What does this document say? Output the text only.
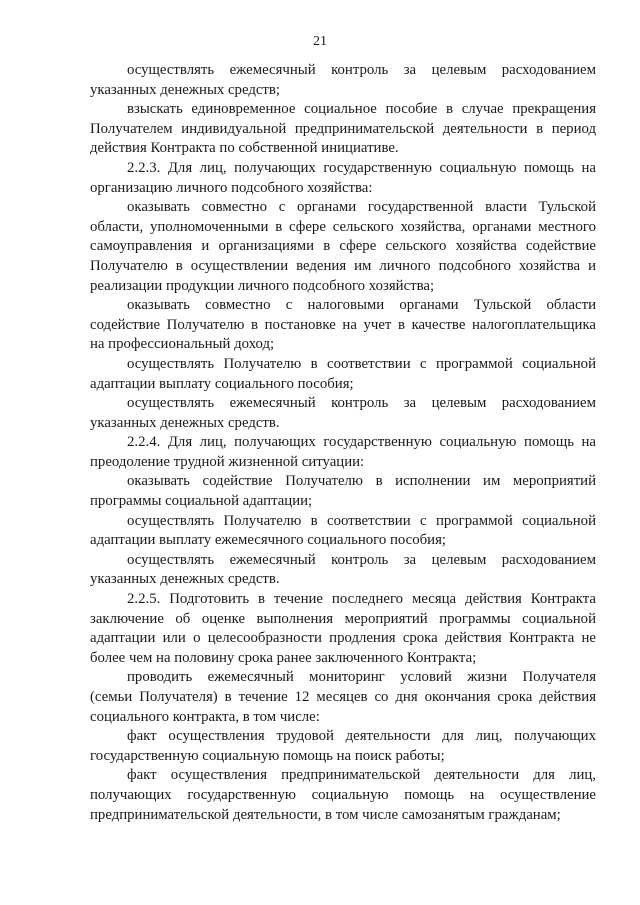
21
осуществлять ежемесячный контроль за целевым расходованием
указанных денежных средств;
взыскать единовременное социальное пособие в случае прекращения
Получателем индивидуальной предпринимательской деятельности в период
действия Контракта по собственной инициативе.
2.2.3. Для лиц, получающих государственную социальную помощь на
организацию личного подсобного хозяйства:
оказывать совместно с органами государственной власти Тульской
области, уполномоченными в сфере сельского хозяйства, органами местного
самоуправления и организациями в сфере сельского хозяйства содействие
Получателю в осуществлении ведения им личного подсобного хозяйства и
реализации продукции личного подсобного хозяйства;
оказывать совместно с налоговыми органами Тульской области
содействие Получателю в постановке на учет в качестве налогоплательщика
на профессиональный доход;
осуществлять Получателю в соответствии с программой социальной
адаптации выплату социального пособия;
осуществлять ежемесячный контроль за целевым расходованием
указанных денежных средств.
2.2.4. Для лиц, получающих государственную социальную помощь на
преодоление трудной жизненной ситуации:
оказывать содействие Получателю в исполнении им мероприятий
программы социальной адаптации;
осуществлять Получателю в соответствии с программой социальной
адаптации выплату ежемесячного социального пособия;
осуществлять ежемесячный контроль за целевым расходованием
указанных денежных средств.
2.2.5. Подготовить в течение последнего месяца действия Контракта
заключение об оценке выполнения мероприятий программы социальной
адаптации или о целесообразности продления срока действия Контракта не
более чем на половину срока ранее заключенного Контракта;
проводить ежемесячный мониторинг условий жизни Получателя
(семьи Получателя) в течение 12 месяцев со дня окончания срока действия
социального контракта, в том числе:
факт осуществления трудовой деятельности для лиц, получающих
государственную социальную помощь на поиск работы;
факт осуществления предпринимательской деятельности для лиц,
получающих государственную социальную помощь на осуществление
предпринимательской деятельности, в том числе самозанятым гражданам;
